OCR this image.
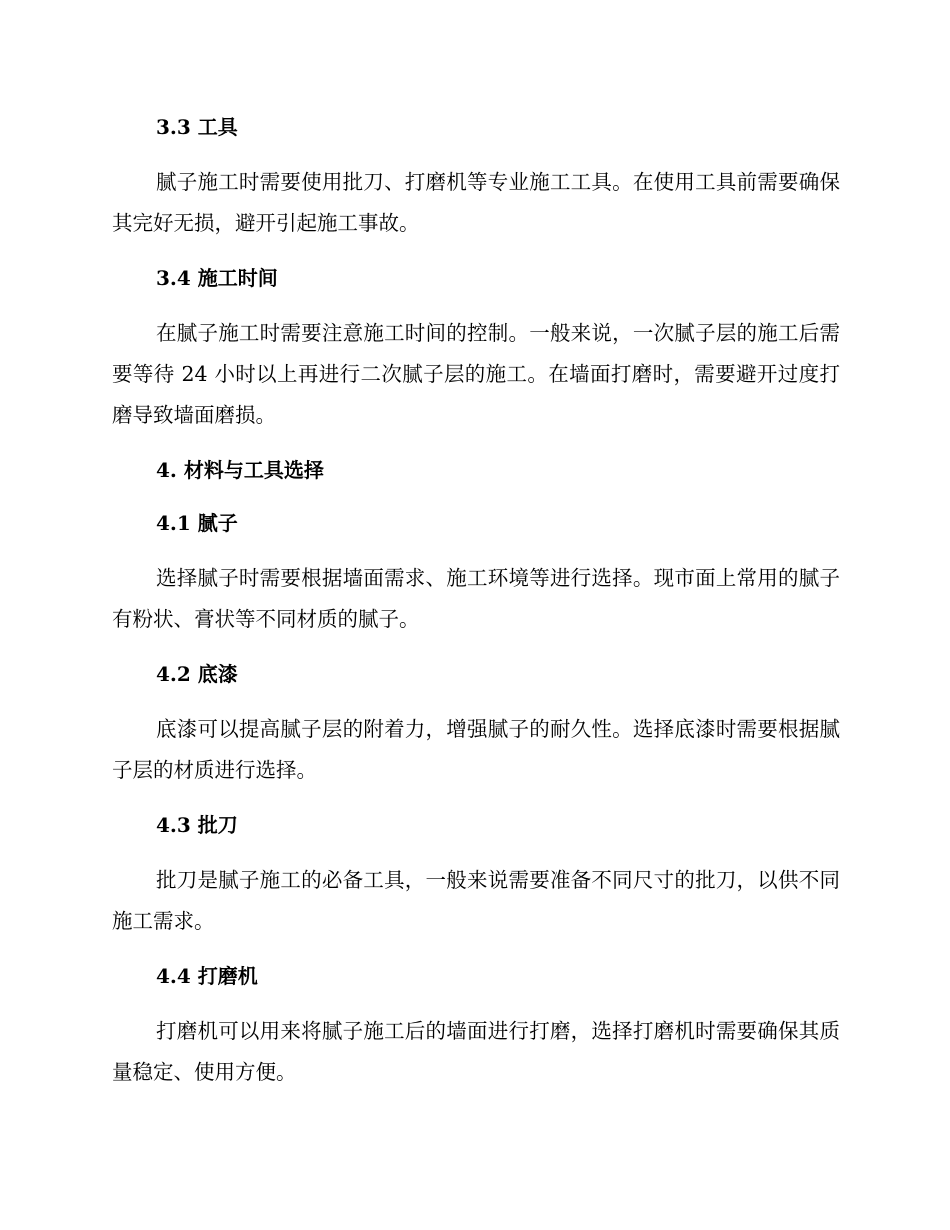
3.3 工具

腻子施工时需要使用批刀、打磨机等专业施工工具。在使用工具前需要确保其完好无损，避开引起施工事故。

3.4 施工时间

在腻子施工时需要注意施工时间的控制。一般来说，一次腻子层的施工后需要等待 24 小时以上再进行二次腻子层的施工。在墙面打磨时，需要避开过度打磨导致墙面磨损。

4. 材料与工具选择
4.1 腻子

选择腻子时需要根据墙面需求、施工环境等进行选择。现市面上常用的腻子有粉状、膏状等不同材质的腻子。

4.2 底漆

底漆可以提高腻子层的附着力，增强腻子的耐久性。选择底漆时需要根据腻子层的材质进行选择。

4.3 批刀

批刀是腻子施工的必备工具，一般来说需要准备不同尺寸的批刀，以供不同施工需求。

4.4 打磨机

打磨机可以用来将腻子施工后的墙面进行打磨，选择打磨机时需要确保其质量稳定、使用方便。
